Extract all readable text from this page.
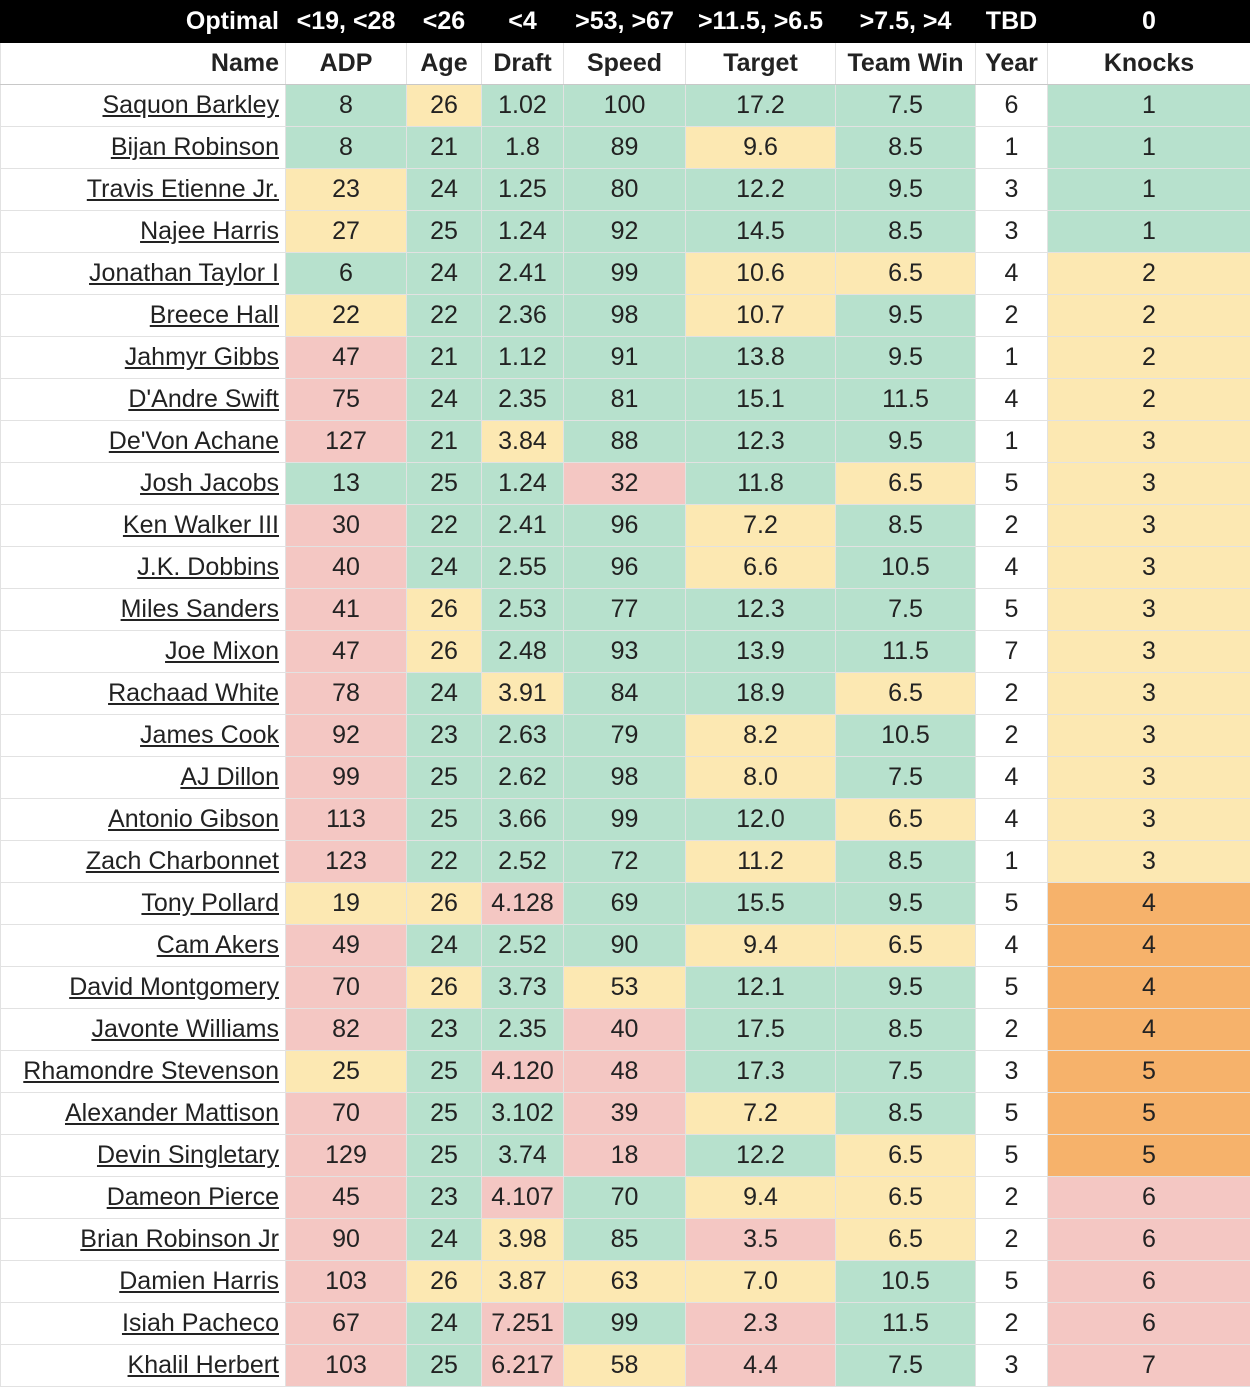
Optimal	<19, <28	<26	<4	>53, >67	>11.5, >6.5	>7.5, >4	TBD	0
Name	ADP	Age	Draft	Speed	Target	Team Win	Year	Knocks
Saquon Barkley	8	26	1.02	100	17.2	7.5	6	1
Bijan Robinson	8	21	1.8	89	9.6	8.5	1	1
Travis Etienne Jr.	23	24	1.25	80	12.2	9.5	3	1
Najee Harris	27	25	1.24	92	14.5	8.5	3	1
Jonathan Taylor I	6	24	2.41	99	10.6	6.5	4	2
Breece Hall	22	22	2.36	98	10.7	9.5	2	2
Jahmyr Gibbs	47	21	1.12	91	13.8	9.5	1	2
D'Andre Swift	75	24	2.35	81	15.1	11.5	4	2
De'Von Achane	127	21	3.84	88	12.3	9.5	1	3
Josh Jacobs	13	25	1.24	32	11.8	6.5	5	3
Ken Walker III	30	22	2.41	96	7.2	8.5	2	3
J.K. Dobbins	40	24	2.55	96	6.6	10.5	4	3
Miles Sanders	41	26	2.53	77	12.3	7.5	5	3
Joe Mixon	47	26	2.48	93	13.9	11.5	7	3
Rachaad White	78	24	3.91	84	18.9	6.5	2	3
James Cook	92	23	2.63	79	8.2	10.5	2	3
AJ Dillon	99	25	2.62	98	8.0	7.5	4	3
Antonio Gibson	113	25	3.66	99	12.0	6.5	4	3
Zach Charbonnet	123	22	2.52	72	11.2	8.5	1	3
Tony Pollard	19	26	4.128	69	15.5	9.5	5	4
Cam Akers	49	24	2.52	90	9.4	6.5	4	4
David Montgomery	70	26	3.73	53	12.1	9.5	5	4
Javonte Williams	82	23	2.35	40	17.5	8.5	2	4
Rhamondre Stevenson	25	25	4.120	48	17.3	7.5	3	5
Alexander Mattison	70	25	3.102	39	7.2	8.5	5	5
Devin Singletary	129	25	3.74	18	12.2	6.5	5	5
Dameon Pierce	45	23	4.107	70	9.4	6.5	2	6
Brian Robinson Jr	90	24	3.98	85	3.5	6.5	2	6
Damien Harris	103	26	3.87	63	7.0	10.5	5	6
Isiah Pacheco	67	24	7.251	99	2.3	11.5	2	6
Khalil Herbert	103	25	6.217	58	4.4	7.5	3	7
